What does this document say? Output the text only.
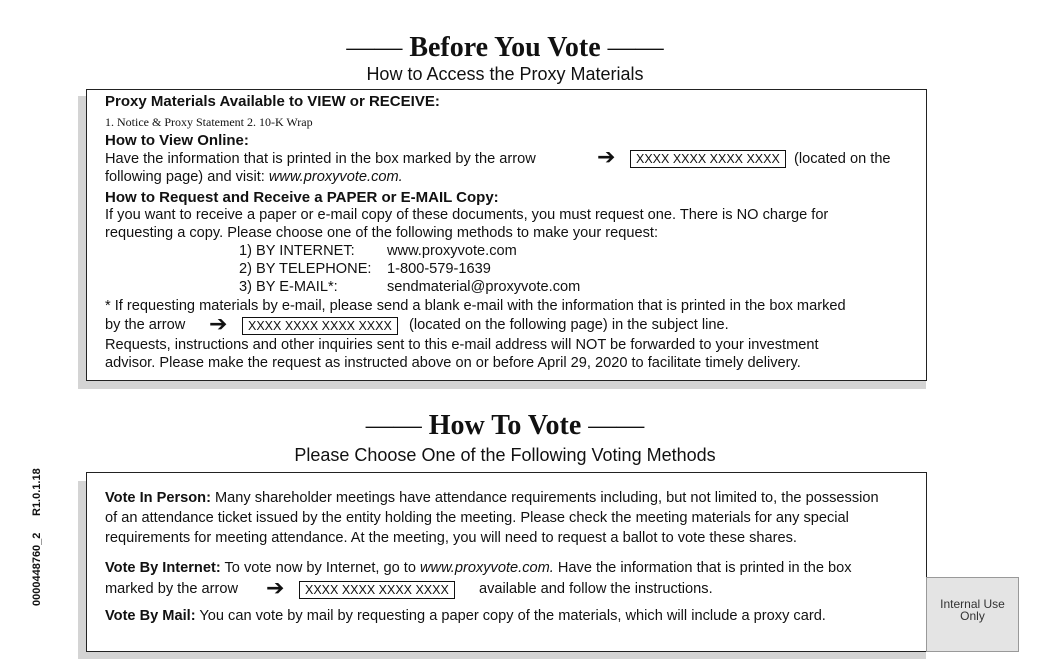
—— Before You Vote ——
How to Access the Proxy Materials
Proxy Materials Available to VIEW or RECEIVE:
1. Notice & Proxy Statement 2. 10-K Wrap
How to View Online:
Have the information that is printed in the box marked by the arrow	➔	XXXX XXXX XXXX XXXX (located on the
following page) and visit: www.proxyvote.com.
How to Request and Receive a PAPER or E-MAIL Copy:
If you want to receive a paper or e-mail copy of these documents, you must request one. There is NO charge for
requesting a copy. Please choose one of the following methods to make your request:
1) BY INTERNET: www.proxyvote.com
2) BY TELEPHONE: 1-800-579-1639
3) BY E-MAIL*:	sendmaterial@proxyvote.com
* If requesting materials by e-mail, please send a blank e-mail with the information that is printed in the box marked
by the arrow ➔	XXXX XXXX XXXX XXXX	(located on the following page) in the subject line.
Requests, instructions and other inquiries sent to this e-mail address will NOT be forwarded to your investment
advisor. Please make the request as instructed above on or before April 29, 2020 to facilitate timely delivery.
—— How To Vote ——
Please Choose One of the Following Voting Methods
Vote In Person: Many shareholder meetings have attendance requirements including, but not limited to, the possession
of an attendance ticket issued by the entity holding the meeting. Please check the meeting materials for any special
requirements for meeting attendance. At the meeting, you will need to request a ballot to vote these shares.
Vote By Internet: To vote now by Internet, go to www.proxyvote.com. Have the information that is printed in the box
marked by the arrow ➔	XXXX XXXX XXXX XXXX	available and follow the instructions.
Vote By Mail: You can vote by mail by requesting a paper copy of the materials, which will include a proxy card.
0000448760_2
R1.0.1.18
Internal Use
Only
